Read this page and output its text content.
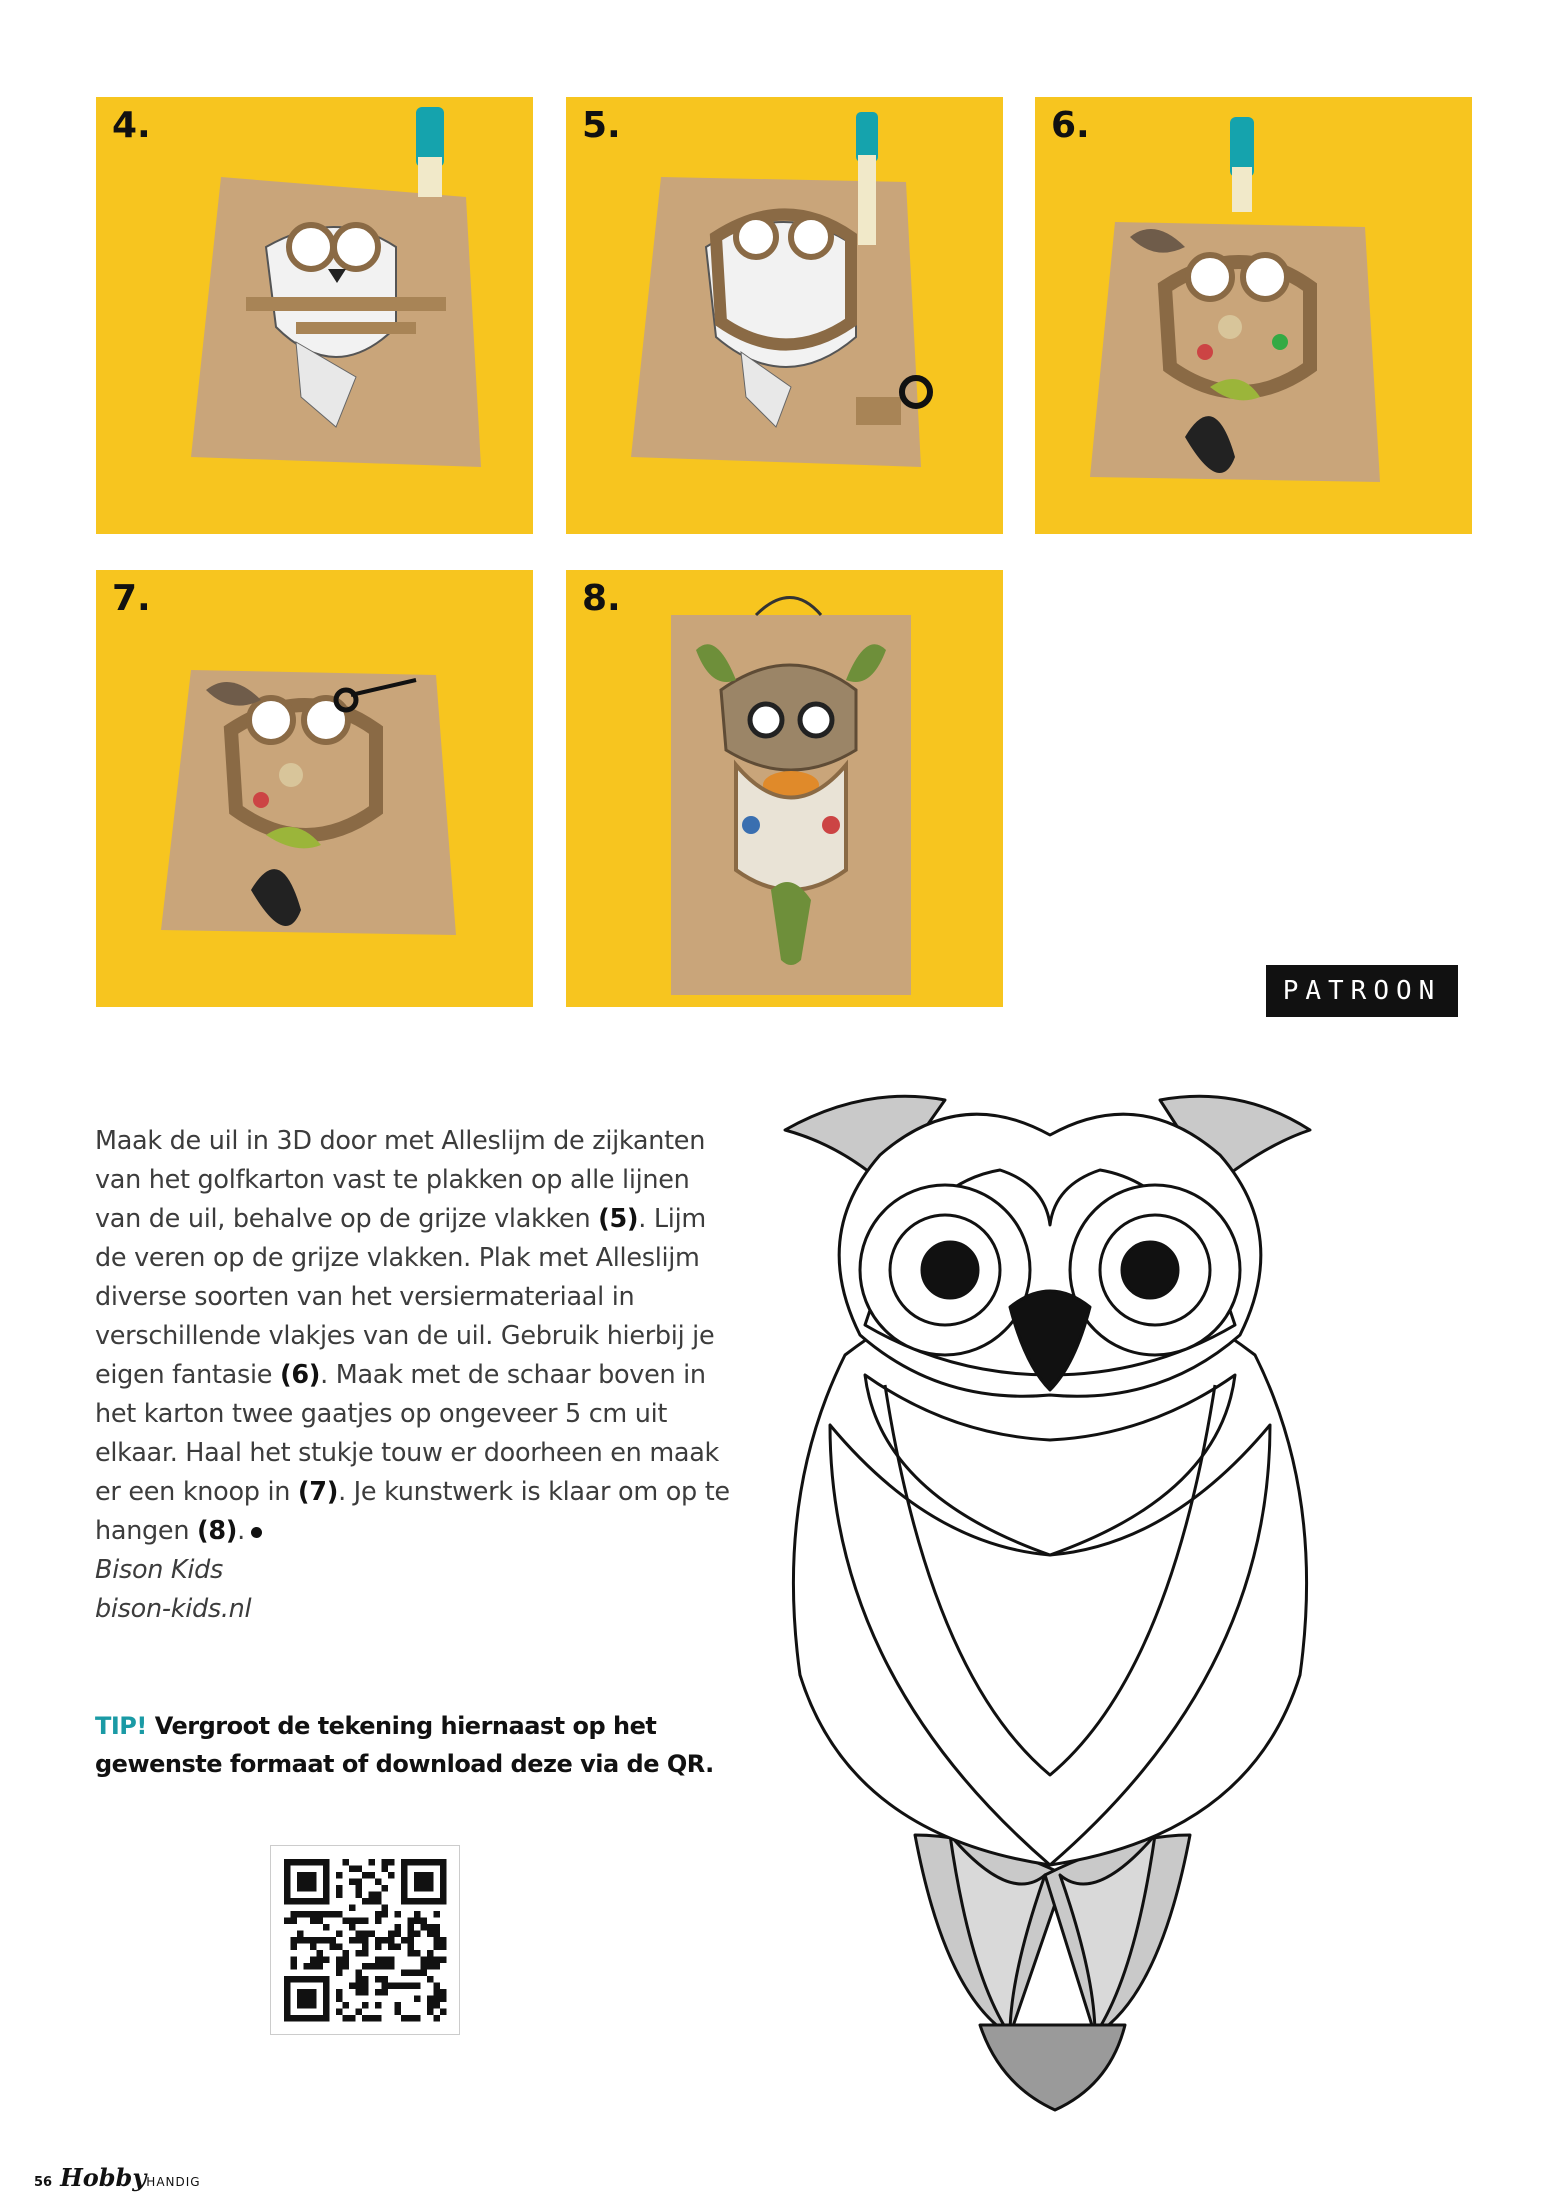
4.	5.	6.
7.	8.
PATROON
Maak de uil in 3D door met Alleslijm de zijkanten van het golfkarton vast te plakken op alle lijnen van de uil, behalve op de grijze vlakken (5). Lijm de veren op de grijze vlakken. Plak met Alleslijm diverse soorten van het versiermateriaal in verschillende vlakjes van de uil. Gebruik hierbij je eigen fantasie (6). Maak met de schaar boven in het karton twee gaatjes op ongeveer 5 cm uit elkaar. Haal het stukje touw er doorheen en maak er een knoop in (7). Je kunstwerk is klaar om op te hangen (8).
Bison Kids
bison-kids.nl
TIP! Vergroot de tekening hiernaast op het gewenste formaat of download deze via de QR.
56 Hobby HANDIG
